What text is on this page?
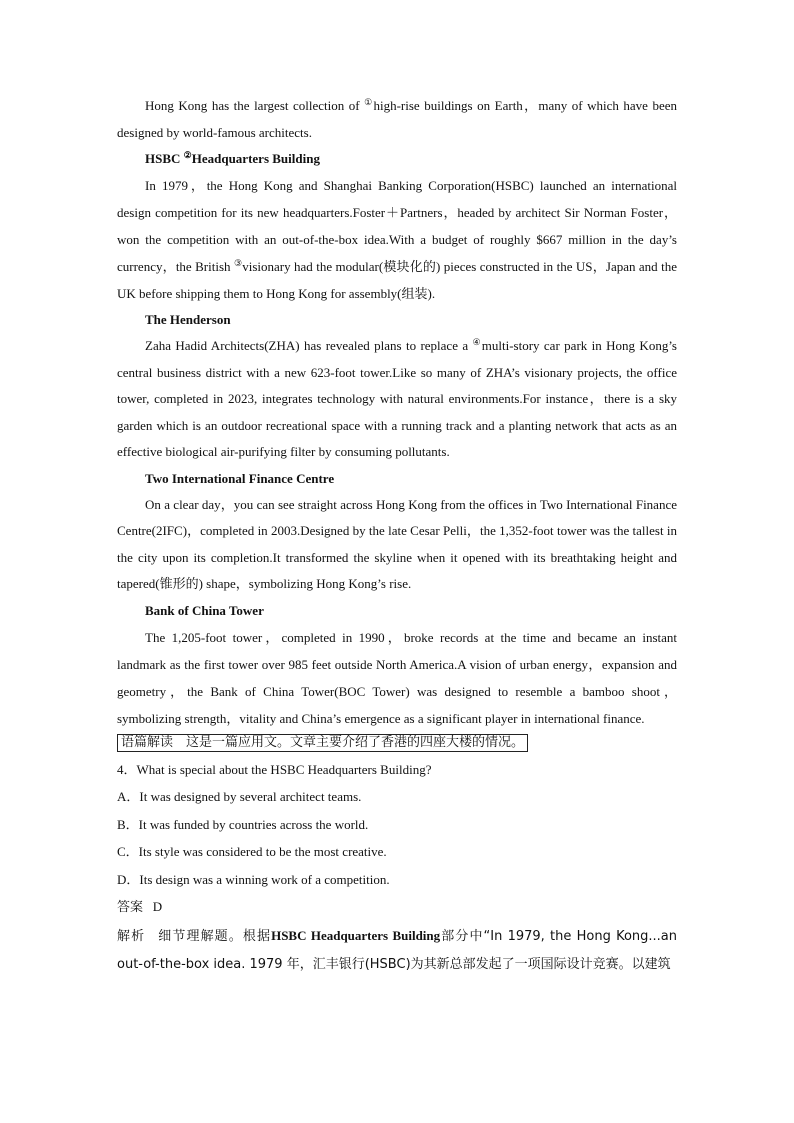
Hong Kong has the largest collection of ①high-rise buildings on Earth，many of which have been designed by world-famous architects.

HSBC ②Headquarters Building

In 1979，the Hong Kong and Shanghai Banking Corporation(HSBC) launched an international design competition for its new headquarters.Foster＋Partners，headed by architect Sir Norman Foster，won the competition with an out-of-the-box idea.With a budget of roughly $667 million in the day’s currency，the British ③visionary had the modular(模块化的) pieces constructed in the US，Japan and the UK before shipping them to Hong Kong for assembly(组装).

The Henderson

Zaha Hadid Architects(ZHA) has revealed plans to replace a ④multi-story car park in Hong Kong’s central business district with a new 623-foot tower.Like so many of ZHA’s visionary projects, the office tower, completed in 2023, integrates technology with natural environments.For instance，there is a sky garden which is an outdoor recreational space with a running track and a planting network that acts as an effective biological air-purifying filter by consuming pollutants.

Two International Finance Centre

On a clear day，you can see straight across Hong Kong from the offices in Two International Finance Centre(2IFC)，completed in 2003.Designed by the late Cesar Pelli，the 1,352-foot tower was the tallest in the city upon its completion.It transformed the skyline when it opened with its breathtaking height and tapered(锥形的) shape，symbolizing Hong Kong’s rise.

Bank of China Tower

The 1,205-foot tower，completed in 1990，broke records at the time and became an instant landmark as the first tower over 985 feet outside North America.A vision of urban energy，expansion and geometry，the Bank of China Tower(BOC Tower) was designed to resemble a bamboo shoot，symbolizing strength，vitality and China’s emergence as a significant player in international finance.

语篇解读　这是一篇应用文。文章主要介绍了香港的四座大楼的情况。

4．What is special about the HSBC Headquarters Building?

A．It was designed by several architect teams.

B．It was funded by countries across the world.

C．Its style was considered to be the most creative.

D．Its design was a winning work of a competition.

答案 D

解析 细节理解题。根据HSBC Headquarters Building部分中“In 1979, the Hong Kong...an out-of-the-box idea. 1979 年，汇丰银行(HSBC)为其新总部发起了一项国际设计竞赛。以建筑
